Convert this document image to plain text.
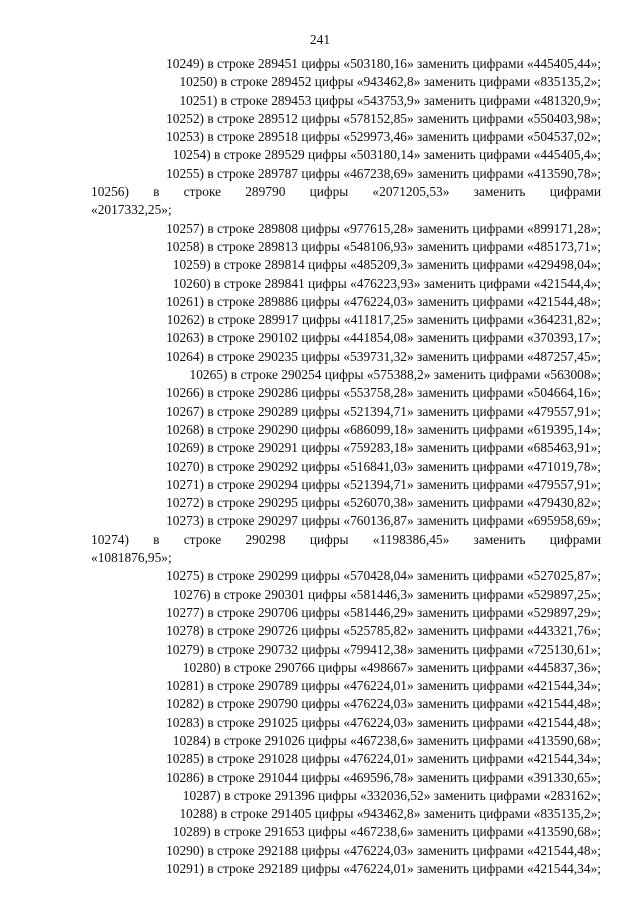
241
10249) в строке 289451 цифры «503180,16» заменить цифрами «445405,44»;
10250) в строке 289452 цифры «943462,8» заменить цифрами «835135,2»;
10251) в строке 289453 цифры «543753,9» заменить цифрами «481320,9»;
10252) в строке 289512 цифры «578152,85» заменить цифрами «550403,98»;
10253) в строке 289518 цифры «529973,46» заменить цифрами «504537,02»;
10254) в строке 289529 цифры «503180,14» заменить цифрами «445405,4»;
10255) в строке 289787 цифры «467238,69» заменить цифрами «413590,78»;
10256) в строке 289790 цифры «2071205,53» заменить цифрами
«2017332,25»;
10257) в строке 289808 цифры «977615,28» заменить цифрами «899171,28»;
10258) в строке 289813 цифры «548106,93» заменить цифрами «485173,71»;
10259) в строке 289814 цифры «485209,3» заменить цифрами «429498,04»;
10260) в строке 289841 цифры «476223,93» заменить цифрами «421544,4»;
10261) в строке 289886 цифры «476224,03» заменить цифрами «421544,48»;
10262) в строке 289917 цифры «411817,25» заменить цифрами «364231,82»;
10263) в строке 290102 цифры «441854,08» заменить цифрами «370393,17»;
10264) в строке 290235 цифры «539731,32» заменить цифрами «487257,45»;
10265) в строке 290254 цифры «575388,2» заменить цифрами «563008»;
10266) в строке 290286 цифры «553758,28» заменить цифрами «504664,16»;
10267) в строке 290289 цифры «521394,71» заменить цифрами «479557,91»;
10268) в строке 290290 цифры «686099,18» заменить цифрами «619395,14»;
10269) в строке 290291 цифры «759283,18» заменить цифрами «685463,91»;
10270) в строке 290292 цифры «516841,03» заменить цифрами «471019,78»;
10271) в строке 290294 цифры «521394,71» заменить цифрами «479557,91»;
10272) в строке 290295 цифры «526070,38» заменить цифрами «479430,82»;
10273) в строке 290297 цифры «760136,87» заменить цифрами «695958,69»;
10274) в строке 290298 цифры «1198386,45» заменить цифрами
«1081876,95»;
10275) в строке 290299 цифры «570428,04» заменить цифрами «527025,87»;
10276) в строке 290301 цифры «581446,3» заменить цифрами «529897,25»;
10277) в строке 290706 цифры «581446,29» заменить цифрами «529897,29»;
10278) в строке 290726 цифры «525785,82» заменить цифрами «443321,76»;
10279) в строке 290732 цифры «799412,38» заменить цифрами «725130,61»;
10280) в строке 290766 цифры «498667» заменить цифрами «445837,36»;
10281) в строке 290789 цифры «476224,01» заменить цифрами «421544,34»;
10282) в строке 290790 цифры «476224,03» заменить цифрами «421544,48»;
10283) в строке 291025 цифры «476224,03» заменить цифрами «421544,48»;
10284) в строке 291026 цифры «467238,6» заменить цифрами «413590,68»;
10285) в строке 291028 цифры «476224,01» заменить цифрами «421544,34»;
10286) в строке 291044 цифры «469596,78» заменить цифрами «391330,65»;
10287) в строке 291396 цифры «332036,52» заменить цифрами «283162»;
10288) в строке 291405 цифры «943462,8» заменить цифрами «835135,2»;
10289) в строке 291653 цифры «467238,6» заменить цифрами «413590,68»;
10290) в строке 292188 цифры «476224,03» заменить цифрами «421544,48»;
10291) в строке 292189 цифры «476224,01» заменить цифрами «421544,34»;
